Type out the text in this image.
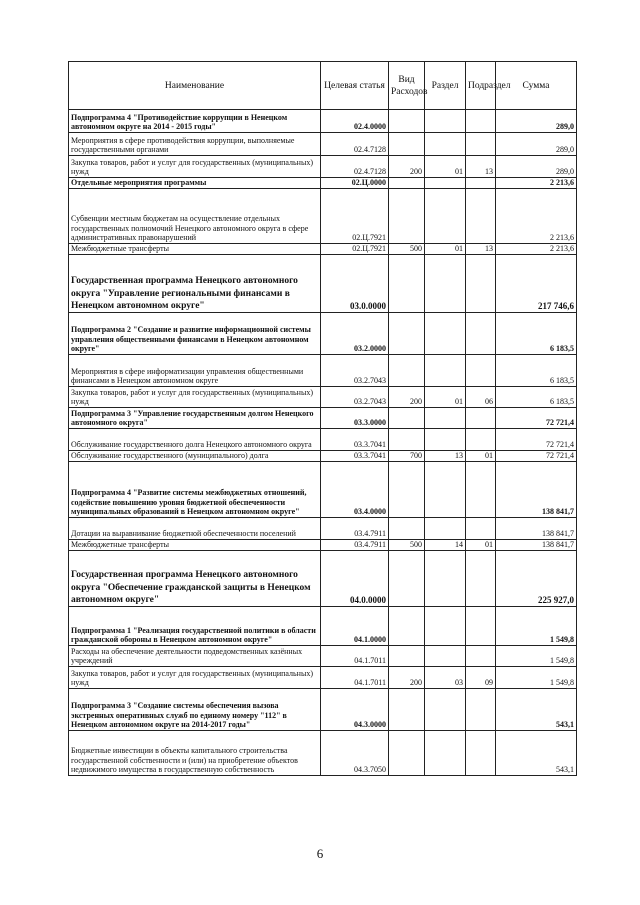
Наименование	Целевая статья	Вид Расходов	Раздел	Подраздел	Сумма
Подпрограмма 4 "Противодействие коррупции в Ненецком автономном округе на 2014 - 2015 годы"	02.4.0000				289,0
Мероприятия в сфере противодействия коррупции, выполняемые государственными органами	02.4.7128				289,0
Закупка товаров, работ и услуг для государственных (муниципальных) нужд	02.4.7128	200	01	13	289,0
Отдельные мероприятия программы	02.Ц.0000				2 213,6
Субвенции местным бюджетам на осуществление отдельных государственных полномочий Ненецкого автономного округа в сфере административных правонарушений	02.Ц.7921				2 213,6
Межбюджетные трансферты	02.Ц.7921	500	01	13	2 213,6
Государственная программа Ненецкого автономного округа "Управление региональными финансами в Ненецком автономном округе"	03.0.0000				217 746,6
Подпрограмма 2 "Создание и развитие информационной системы управления общественными финансами в Ненецком автономном округе"	03.2.0000				6 183,5
Мероприятия в сфере информатизации управления общественными финансами в Ненецком автономном округе	03.2.7043				6 183,5
Закупка товаров, работ и услуг для государственных (муниципальных) нужд	03.2.7043	200	01	06	6 183,5
Подпрограмма 3 "Управление государственным долгом Ненецкого автономного округа"	03.3.0000				72 721,4
Обслуживание государственного долга Ненецкого автономного округа	03.3.7041				72 721,4
Обслуживание государственного (муниципального) долга	03.3.7041	700	13	01	72 721,4
Подпрограмма 4 "Развитие системы межбюджетных отношений, содействие повышению уровня бюджетной обеспеченности муниципальных образований в Ненецком автономном округе"	03.4.0000				138 841,7
Дотации на выравнивание бюджетной обеспеченности поселений	03.4.7911				138 841,7
Межбюджетные трансферты	03.4.7911	500	14	01	138 841,7
Государственная программа Ненецкого автономного округа "Обеспечение гражданской защиты в Ненецком автономном округе"	04.0.0000				225 927,0
Подпрограмма 1 "Реализация государственной политики в области гражданской обороны в Ненецком автономном округе"	04.1.0000				1 549,8
Расходы на обеспечение деятельности подведомственных казённых учреждений	04.1.7011				1 549,8
Закупка товаров, работ и услуг для государственных (муниципальных) нужд	04.1.7011	200	03	09	1 549,8
Подпрограмма 3 "Создание системы обеспечения вызова экстренных оперативных служб по единому номеру "112" в Ненецком автономном округе на 2014-2017 годы"	04.3.0000				543,1
Бюджетные инвестиции в объекты капитального строительства государственной собственности и (или) на приобретение объектов недвижимого имущества в государственную собственность	04.3.7050				543,1
6
